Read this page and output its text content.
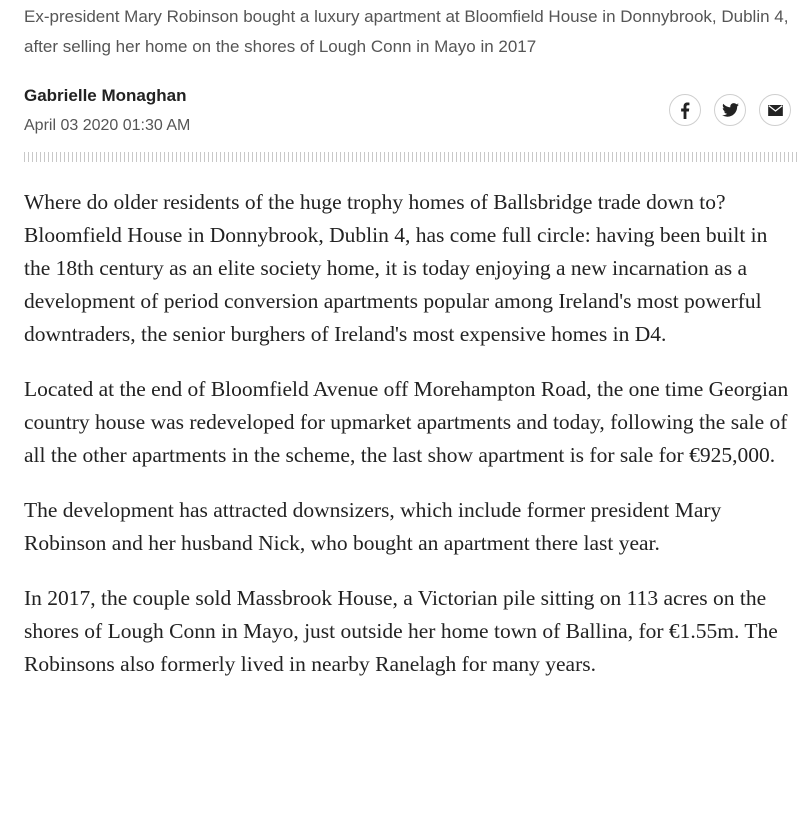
Ex-president Mary Robinson bought a luxury apartment at Bloomfield House in Donnybrook, Dublin 4, after selling her home on the shores of Lough Conn in Mayo in 2017

Gabrielle Monaghan

April 03 2020 01:30 AM

Where do older residents of the huge trophy homes of Ballsbridge trade down to? Bloomfield House in Donnybrook, Dublin 4, has come full circle: having been built in the 18th century as an elite society home, it is today enjoying a new incarnation as a development of period conversion apartments popular among Ireland's most powerful downtraders, the senior burghers of Ireland's most expensive homes in D4.

Located at the end of Bloomfield Avenue off Morehampton Road, the one time Georgian country house was redeveloped for upmarket apartments and today, following the sale of all the other apartments in the scheme, the last show apartment is for sale for €925,000.

The development has attracted downsizers, which include former president Mary Robinson and her husband Nick, who bought an apartment there last year.

In 2017, the couple sold Massbrook House, a Victorian pile sitting on 113 acres on the shores of Lough Conn in Mayo, just outside her home town of Ballina, for €1.55m. The Robinsons also formerly lived in nearby Ranelagh for many years.
